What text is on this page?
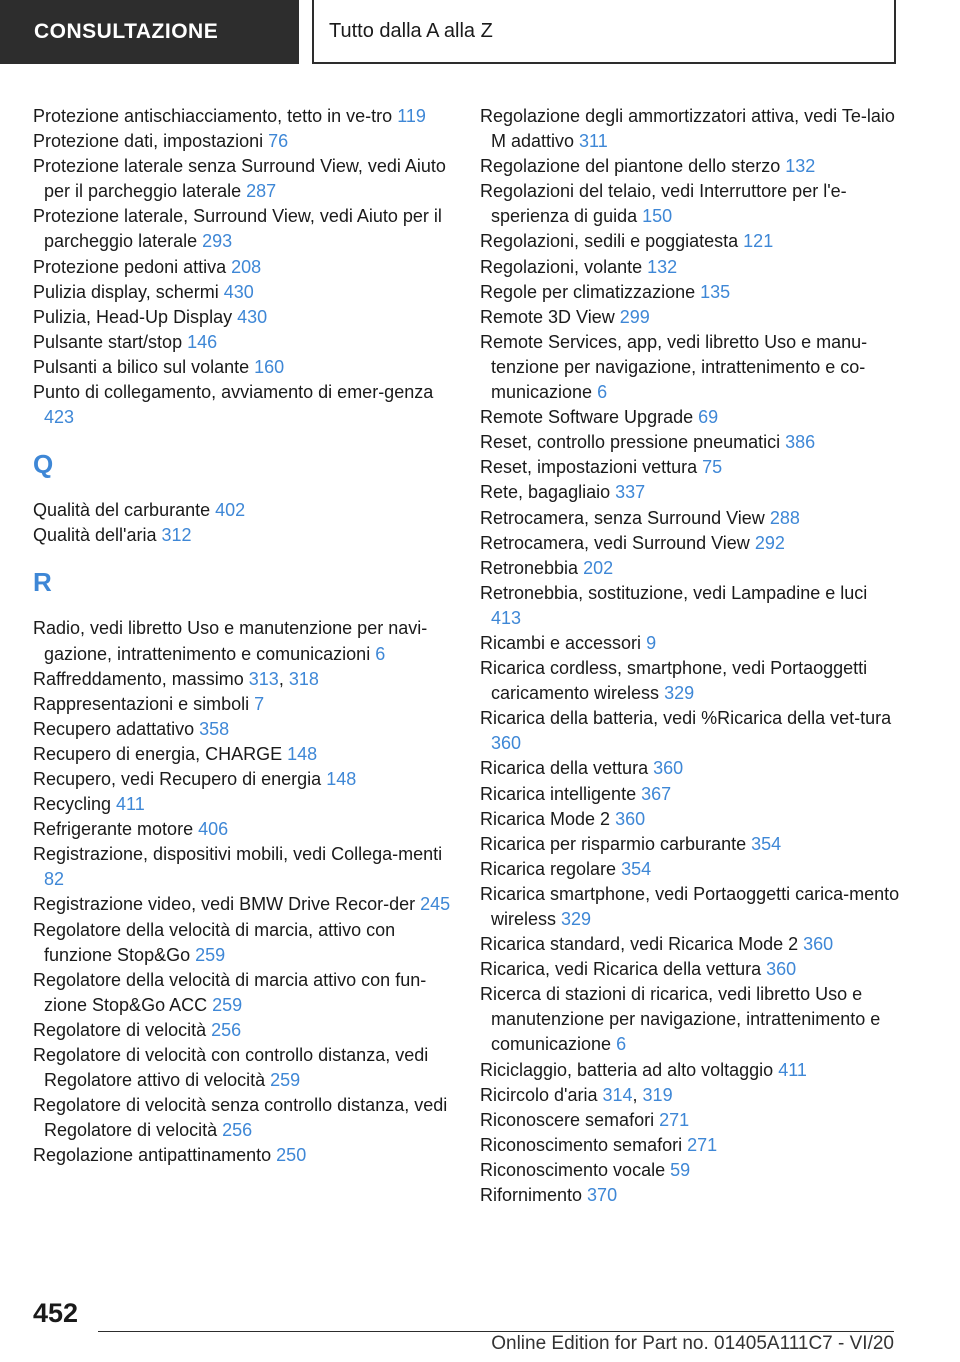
CONSULTAZIONE	Tutto dalla A alla Z
Protezione antischiacciamento, tetto in ve-tro 119
Protezione dati, impostazioni 76
Protezione laterale senza Surround View, vedi Aiuto per il parcheggio laterale 287
Protezione laterale, Surround View, vedi Aiuto per il parcheggio laterale 293
Protezione pedoni attiva 208
Pulizia display, schermi 430
Pulizia, Head-Up Display 430
Pulsante start/stop 146
Pulsanti a bilico sul volante 160
Punto di collegamento, avviamento di emer-genza 423
Q
Qualità del carburante 402
Qualità dell'aria 312
R
Radio, vedi libretto Uso e manutenzione per navi-gazione, intrattenimento e comunicazioni 6
Raffreddamento, massimo 313, 318
Rappresentazioni e simboli 7
Recupero adattativo 358
Recupero di energia, CHARGE 148
Recupero, vedi Recupero di energia 148
Recycling 411
Refrigerante motore 406
Registrazione, dispositivi mobili, vedi Collega-menti 82
Registrazione video, vedi BMW Drive Recor-der 245
Regolatore della velocità di marcia, attivo con funzione Stop&Go 259
Regolatore della velocità di marcia attivo con fun-zione Stop&Go ACC 259
Regolatore di velocità 256
Regolatore di velocità con controllo distanza, vedi Regolatore attivo di velocità 259
Regolatore di velocità senza controllo distanza, vedi Regolatore di velocità 256
Regolazione antipattinamento 250
Regolazione degli ammortizzatori attiva, vedi Te-laio M adattivo 311
Regolazione del piantone dello sterzo 132
Regolazioni del telaio, vedi Interruttore per l'e-sperienza di guida 150
Regolazioni, sedili e poggiatesta 121
Regolazioni, volante 132
Regole per climatizzazione 135
Remote 3D View 299
Remote Services, app, vedi libretto Uso e manu-tenzione per navigazione, intrattenimento e co-municazione 6
Remote Software Upgrade 69
Reset, controllo pressione pneumatici 386
Reset, impostazioni vettura 75
Rete, bagagliaio 337
Retrocamera, senza Surround View 288
Retrocamera, vedi Surround View 292
Retronebbia 202
Retronebbia, sostituzione, vedi Lampadine e luci 413
Ricambi e accessori 9
Ricarica cordless, smartphone, vedi Portaoggetti caricamento wireless 329
Ricarica della batteria, vedi %Ricarica della vet-tura 360
Ricarica della vettura 360
Ricarica intelligente 367
Ricarica Mode 2 360
Ricarica per risparmio carburante 354
Ricarica regolare 354
Ricarica smartphone, vedi Portaoggetti carica-mento wireless 329
Ricarica standard, vedi Ricarica Mode 2 360
Ricarica, vedi Ricarica della vettura 360
Ricerca di stazioni di ricarica, vedi libretto Uso e manutenzione per navigazione, intrattenimento e comunicazione 6
Riciclaggio, batteria ad alto voltaggio 411
Ricircolo d'aria 314, 319
Riconoscere semafori 271
Riconoscimento semafori 271
Riconoscimento vocale 59
Rifornimento 370
452
Online Edition for Part no. 01405A111C7 - VI/20
